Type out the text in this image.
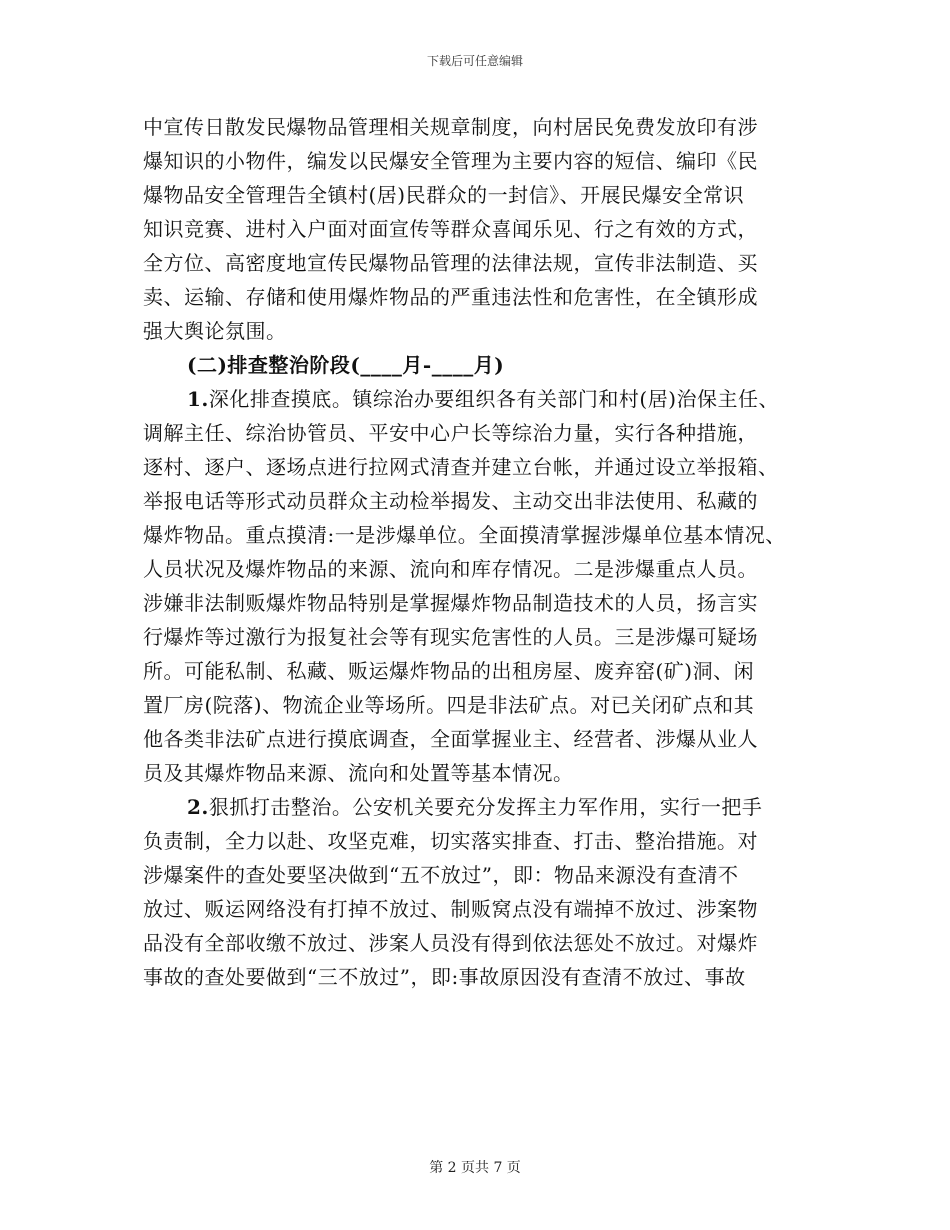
下载后可任意编辑
中宣传日散发民爆物品管理相关规章制度，向村居民免费发放印有涉
爆知识的小物件，编发以民爆安全管理为主要内容的短信、编印《民
爆物品安全管理告全镇村(居)民群众的一封信》、开展民爆安全常识
知识竞赛、进村入户面对面宣传等群众喜闻乐见、行之有效的方式，
全方位、高密度地宣传民爆物品管理的法律法规，宣传非法制造、买
卖、运输、存储和使用爆炸物品的严重违法性和危害性，在全镇形成
强大舆论氛围。
(二)排查整治阶段(____月-____月)
1.深化排查摸底。镇综治办要组织各有关部门和村(居)治保主任、
调解主任、综治协管员、平安中心户长等综治力量，实行各种措施，
逐村、逐户、逐场点进行拉网式清查并建立台帐，并通过设立举报箱、
举报电话等形式动员群众主动检举揭发、主动交出非法使用、私藏的
爆炸物品。重点摸清:一是涉爆单位。全面摸清掌握涉爆单位基本情况、
人员状况及爆炸物品的来源、流向和库存情况。二是涉爆重点人员。
涉嫌非法制贩爆炸物品特别是掌握爆炸物品制造技术的人员，扬言实
行爆炸等过激行为报复社会等有现实危害性的人员。三是涉爆可疑场
所。可能私制、私藏、贩运爆炸物品的出租房屋、废弃窑(矿)洞、闲
置厂房(院落)、物流企业等场所。四是非法矿点。对已关闭矿点和其
他各类非法矿点进行摸底调查，全面掌握业主、经营者、涉爆从业人
员及其爆炸物品来源、流向和处置等基本情况。
2.狠抓打击整治。公安机关要充分发挥主力军作用，实行一把手
负责制，全力以赴、攻坚克难，切实落实排查、打击、整治措施。对
涉爆案件的查处要坚决做到“五不放过”，即：物品来源没有查清不
放过、贩运网络没有打掉不放过、制贩窝点没有端掉不放过、涉案物
品没有全部收缴不放过、涉案人员没有得到依法惩处不放过。对爆炸
事故的查处要做到“三不放过”，即:事故原因没有查清不放过、事故
第 2 页共 7 页
